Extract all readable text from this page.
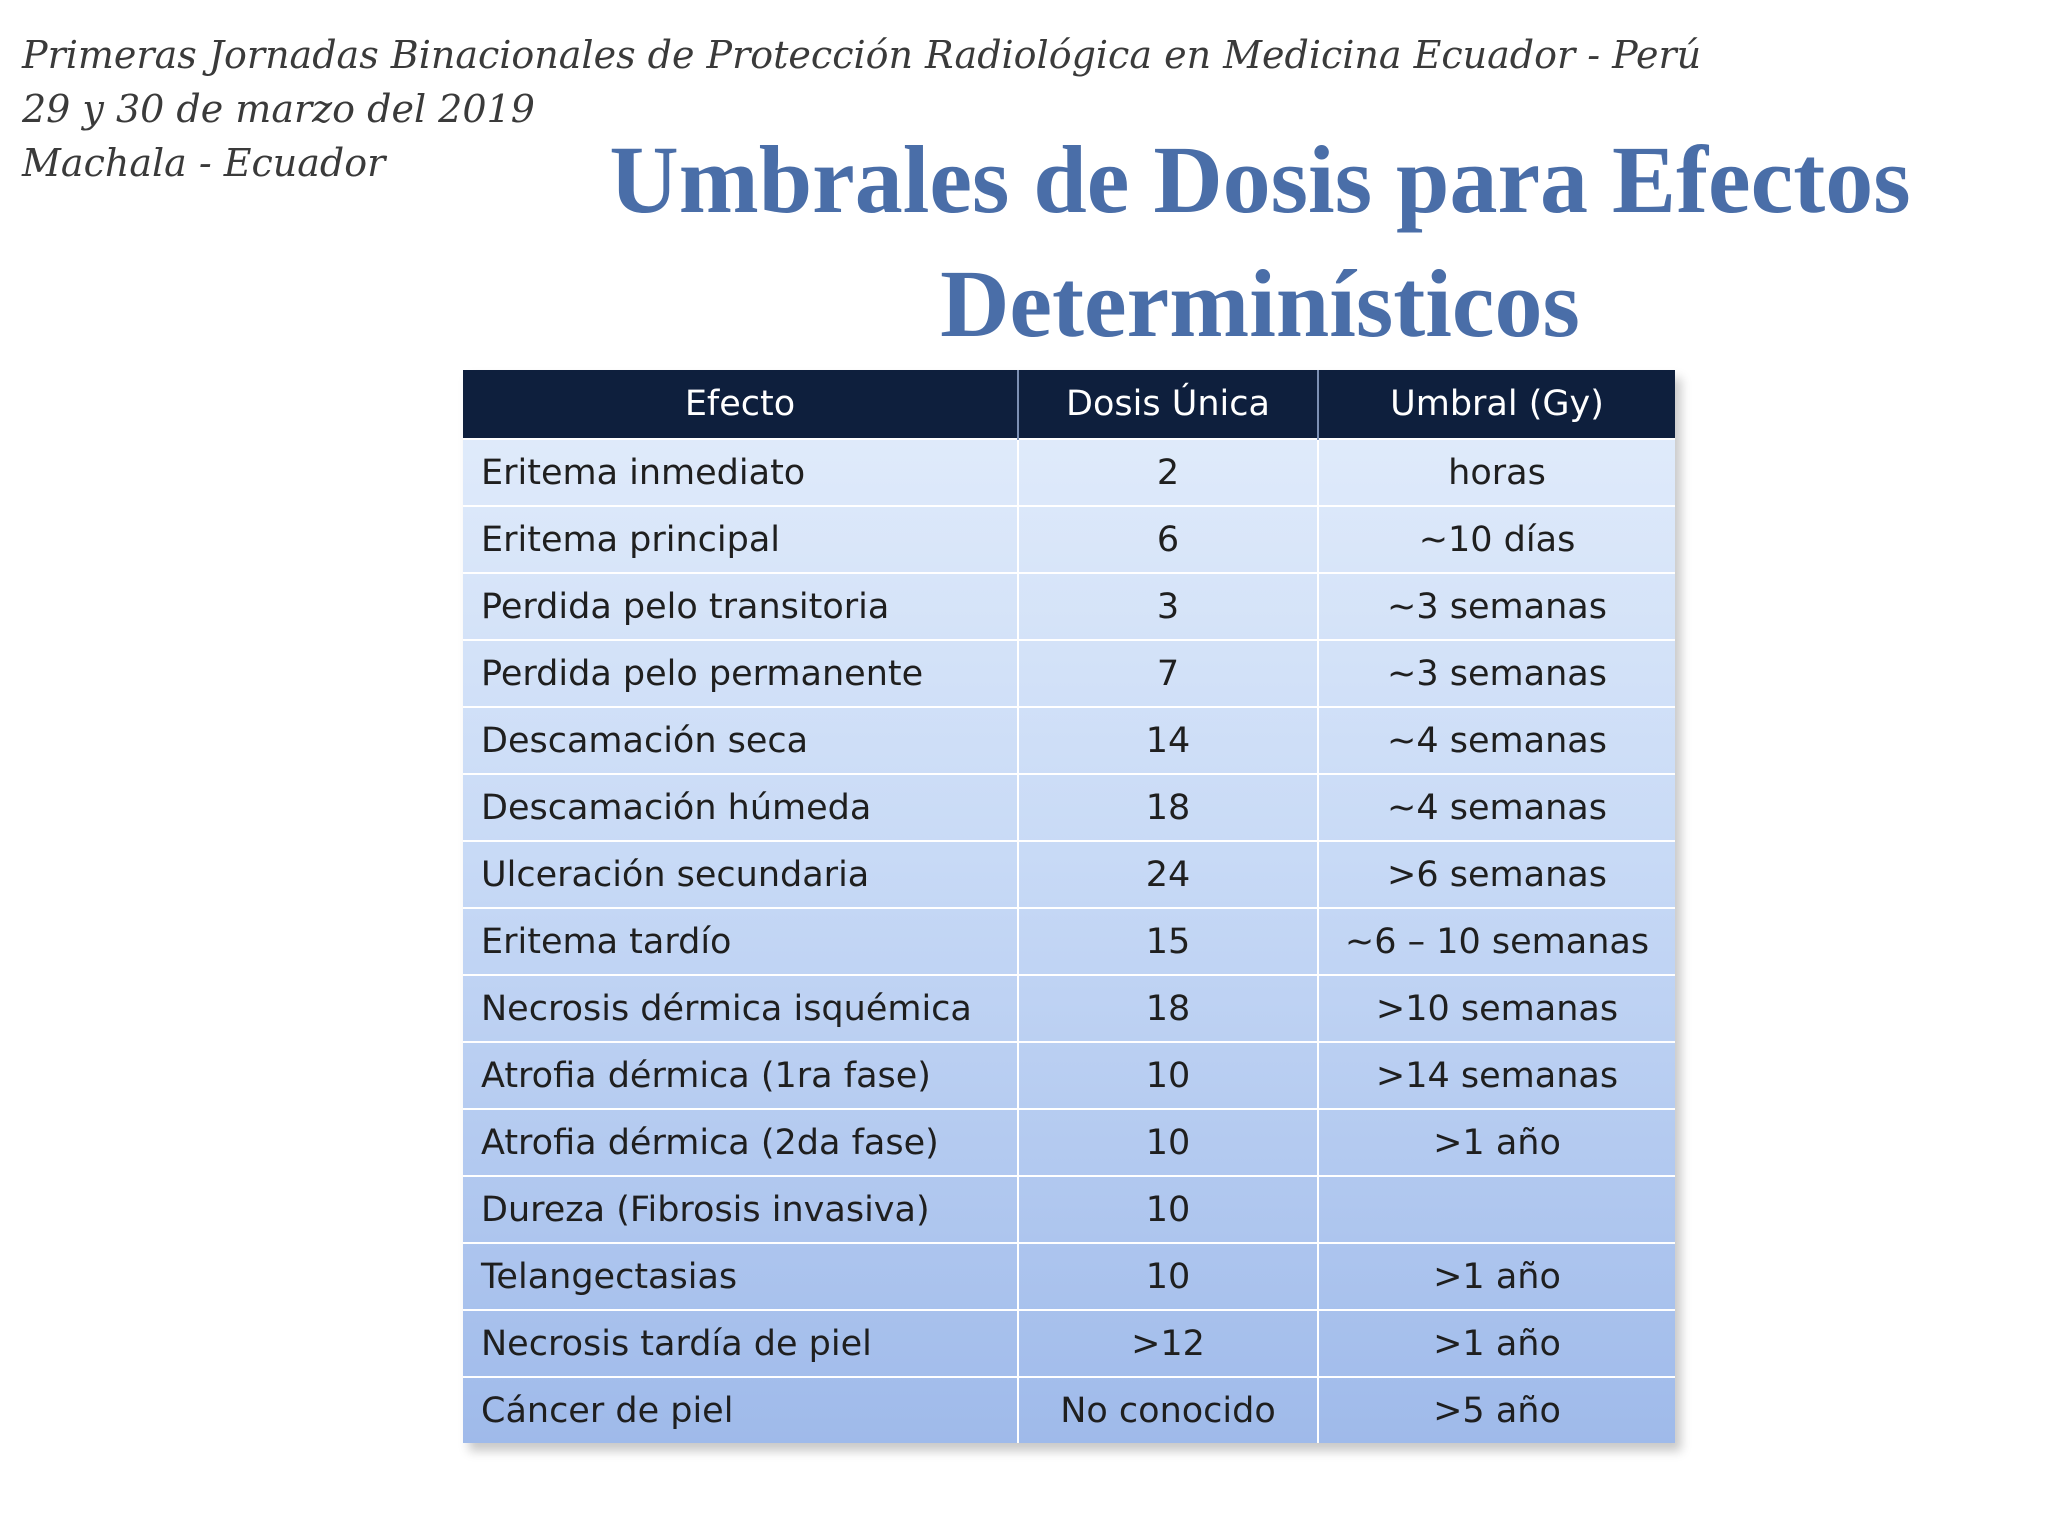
Primeras Jornadas Binacionales de Protección Radiológica en Medicina Ecuador - Perú
29 y 30 de marzo del 2019
Machala - Ecuador	Umbrales de Dosis para Efectos
Determinísticos
Efecto	Dosis Única	Umbral (Gy)
Eritema inmediato	2	horas
Eritema principal	6	~10 días
Perdida pelo transitoria	3	~3 semanas
Perdida pelo permanente	7	~3 semanas
Descamación seca	14	~4 semanas
Descamación húmeda	18	~4 semanas
Ulceración secundaria	24	>6 semanas
Eritema tardío	15	~6 – 10 semanas
Necrosis dérmica isquémica	18	>10 semanas
Atrofia dérmica (1ra fase)	10	>14 semanas
Atrofia dérmica (2da fase)	10	>1 año
Dureza (Fibrosis invasiva)	10	
Telangectasias	10	>1 año
Necrosis tardía de piel	>12	>1 año
Cáncer de piel	No conocido	>5 año
